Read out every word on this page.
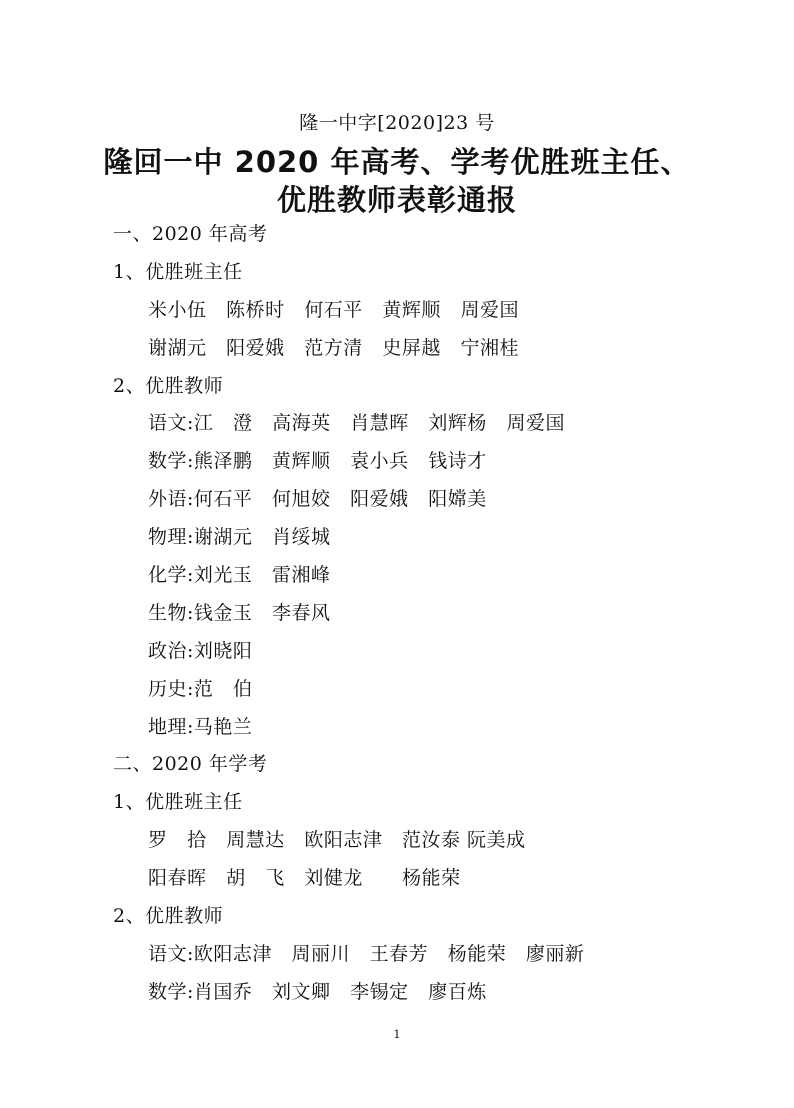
隆一中字[2020]23 号
隆回一中 2020 年高考、学考优胜班主任、
优胜教师表彰通报
一、2020 年高考
1、优胜班主任
米小伍   陈桥时   何石平   黄辉顺   周爱国
谢湖元   阳爱娥   范方清   史屏越   宁湘桂
2、优胜教师
语文:江   澄   高海英   肖慧晖   刘辉杨   周爱国
数学:熊泽鹏   黄辉顺   袁小兵   钱诗才
外语:何石平   何旭姣   阳爱娥   阳嫦美
物理:谢湖元   肖绥城
化学:刘光玉   雷湘峰
生物:钱金玉   李春风
政治:刘晓阳
历史:范   伯
地理:马艳兰
二、2020 年学考
1、优胜班主任
罗   拾   周慧达   欧阳志津   范汝泰 阮美成
阳春晖   胡   飞   刘健龙      杨能荣
2、优胜教师
语文:欧阳志津   周丽川   王春芳   杨能荣   廖丽新
数学:肖国乔   刘文卿   李锡定   廖百炼
1
